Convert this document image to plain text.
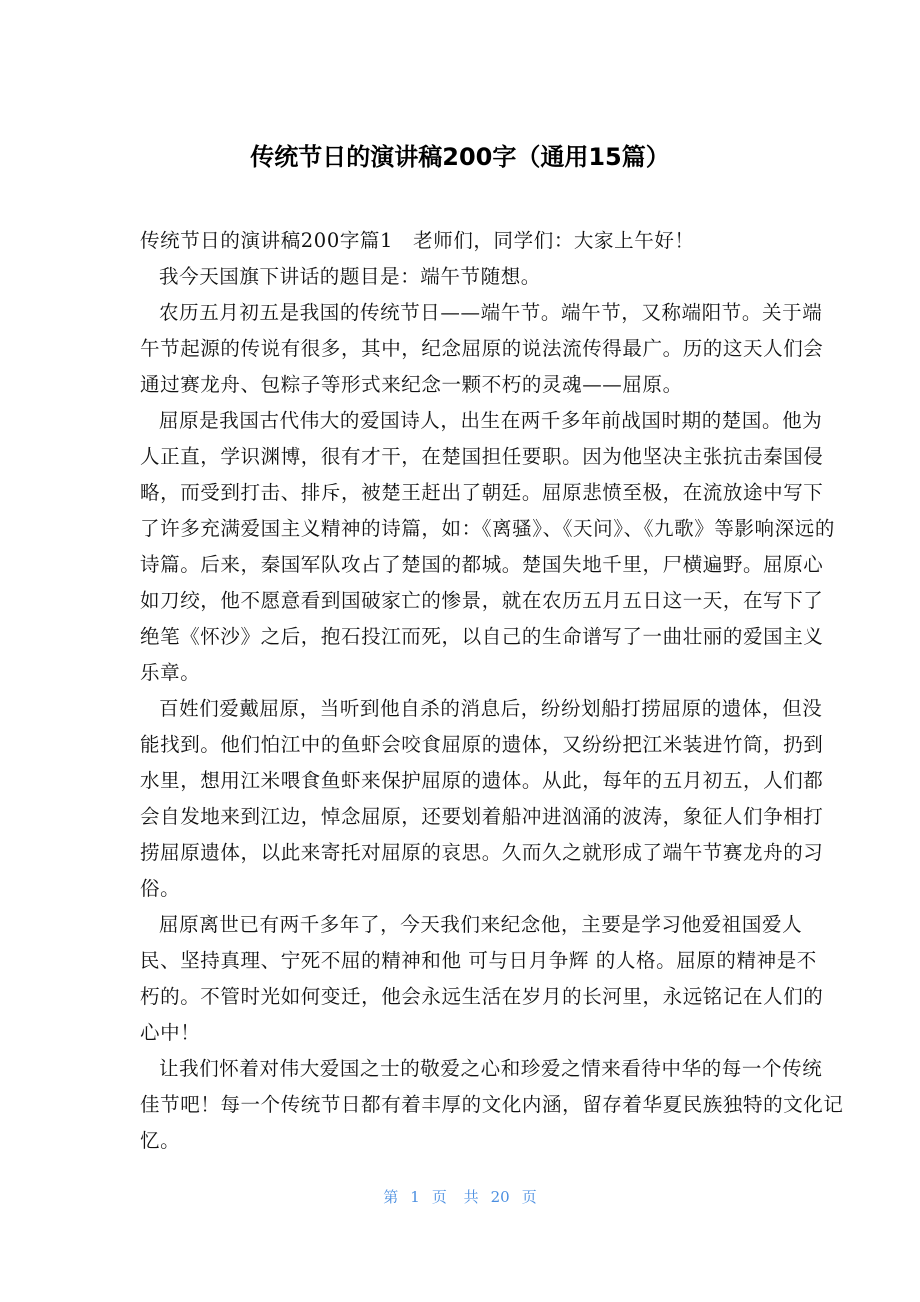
传统节日的演讲稿200字（通用15篇）
传统节日的演讲稿200字篇1　老师们，同学们：大家上午好！
我今天国旗下讲话的题目是：端午节随想。
农历五月初五是我国的传统节日——端午节。端午节，又称端阳节。关于端
午节起源的传说有很多，其中，纪念屈原的说法流传得最广。历的这天人们会
通过赛龙舟、包粽子等形式来纪念一颗不朽的灵魂——屈原。
屈原是我国古代伟大的爱国诗人，出生在两千多年前战国时期的楚国。他为
人正直，学识渊博，很有才干，在楚国担任要职。因为他坚决主张抗击秦国侵
略，而受到打击、排斥，被楚王赶出了朝廷。屈原悲愤至极，在流放途中写下
了许多充满爱国主义精神的诗篇，如：《离骚》、《天问》、《九歌》等影响深远的
诗篇。后来，秦国军队攻占了楚国的都城。楚国失地千里，尸横遍野。屈原心
如刀绞，他不愿意看到国破家亡的惨景，就在农历五月五日这一天，在写下了
绝笔《怀沙》之后，抱石投江而死，以自己的生命谱写了一曲壮丽的爱国主义
乐章。
百姓们爱戴屈原，当听到他自杀的消息后，纷纷划船打捞屈原的遗体，但没
能找到。他们怕江中的鱼虾会咬食屈原的遗体，又纷纷把江米装进竹筒，扔到
水里，想用江米喂食鱼虾来保护屈原的遗体。从此，每年的五月初五，人们都
会自发地来到江边，悼念屈原，还要划着船冲进汹涌的波涛，象征人们争相打
捞屈原遗体，以此来寄托对屈原的哀思。久而久之就形成了端午节赛龙舟的习
俗。
屈原离世已有两千多年了，今天我们来纪念他，主要是学习他爱祖国爱人
民、坚持真理、宁死不屈的精神和他 可与日月争辉 的人格。屈原的精神是不
朽的。不管时光如何变迁，他会永远生活在岁月的长河里，永远铭记在人们的
心中！
让我们怀着对伟大爱国之士的敬爱之心和珍爱之情来看待中华的每一个传统
佳节吧！每一个传统节日都有着丰厚的文化内涵，留存着华夏民族独特的文化记
忆。
第 1 页 共 20 页
